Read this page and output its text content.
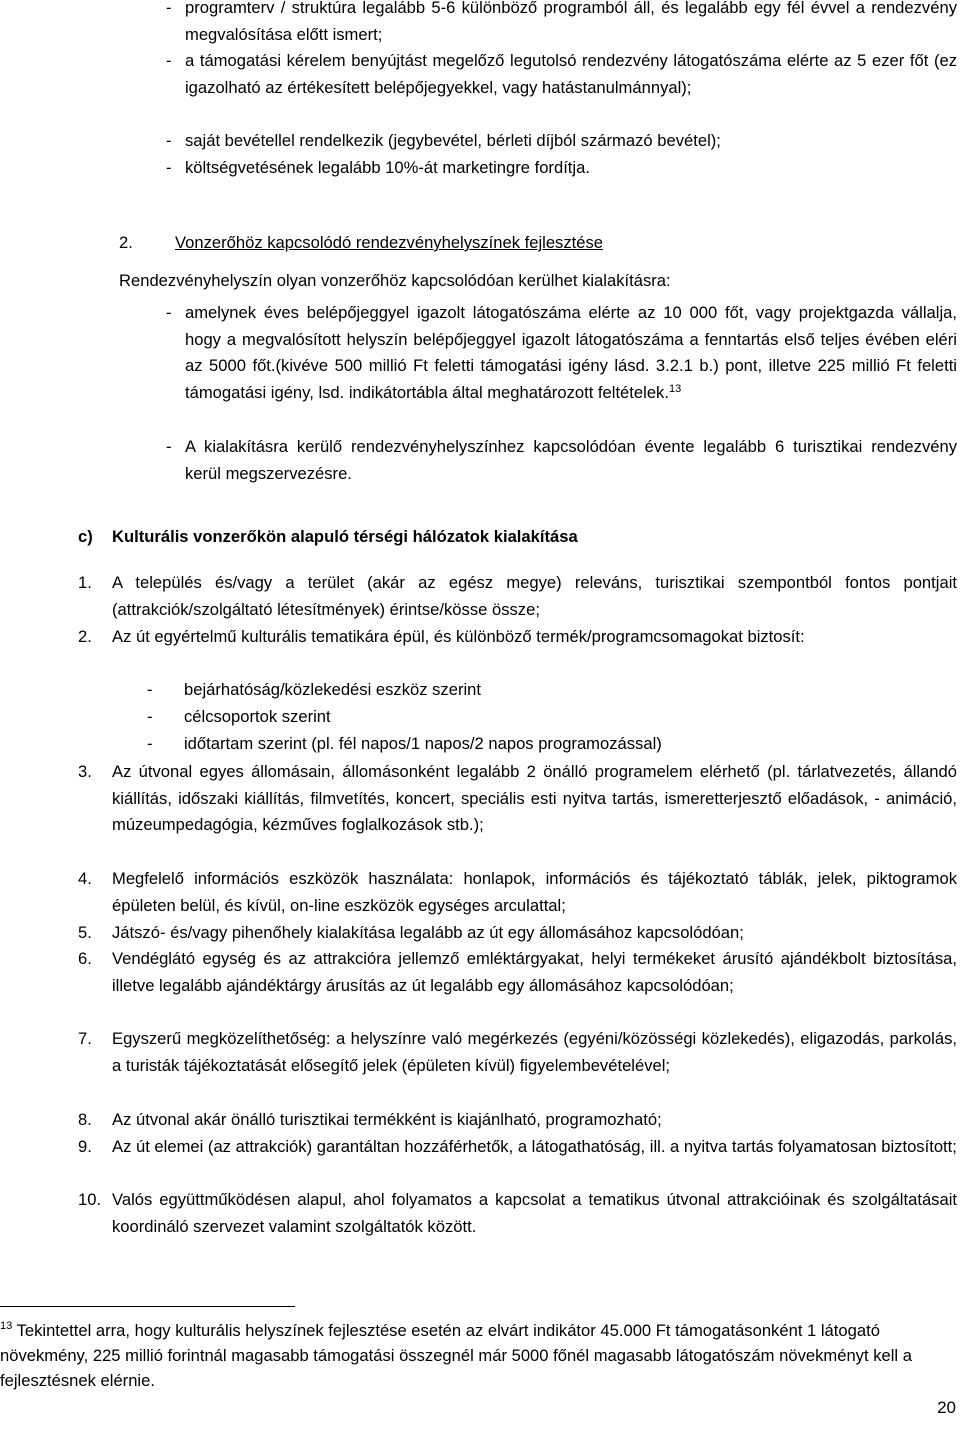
- programterv / struktúra legalább 5-6 különböző programból áll, és legalább egy fél évvel a rendezvény megvalósítása előtt ismert;
- a támogatási kérelem benyújtást megelőző legutolsó rendezvény látogatószáma elérte az 5 ezer főt (ez igazolható az értékesített belépőjegyekkel, vagy hatástanulmánnyal);
- saját bevétellel rendelkezik (jegybevétel, bérleti díjból származó bevétel);
- költségvetésének legalább 10%-át marketingre fordítja.
2.	Vonzerőhöz kapcsolódó rendezvényhelyszínek fejlesztése
Rendezvényhelyszín olyan vonzerőhöz kapcsolódóan kerülhet kialakításra:
- amelynek éves belépőjeggyel igazolt látogatószáma elérte az 10 000 főt, vagy projektgazda vállalja, hogy a megvalósított helyszín belépőjeggyel igazolt látogatószáma a fenntartás első teljes évében eléri az 5000 főt.(kivéve 500 millió Ft feletti támogatási igény lásd. 3.2.1 b.) pont, illetve 225 millió Ft feletti támogatási igény, lsd. indikátortábla által meghatározott feltételek.$^{13}$
- A kialakításra kerülő rendezvényhelyszínhez kapcsolódóan évente legalább 6 turisztikai rendezvény kerül megszervezésre.
c) Kulturális vonzerőkön alapuló térségi hálózatok kialakítása
1.	A település és/vagy a terület (akár az egész megye) releváns, turisztikai szempontból fontos pontjait (attrakciók/szolgáltató létesítmények) érintse/kösse össze;
2.	Az út egyértelmű kulturális tematikára épül, és különböző termék/programcsomagokat biztosít:
- bejárhatóság/közlekedési eszköz szerint
- célcsoportok szerint
- időtartam szerint (pl. fél napos/1 napos/2 napos programozással)
3.	Az útvonal egyes állomásain, állomásonként legalább 2 önálló programelem elérhető (pl. tárlatvezetés, állandó kiállítás, időszaki kiállítás, filmvetítés, koncert, speciális esti nyitva tartás, ismeretterjesztő előadások, - animáció, múzeumpedagógia, kézműves foglalkozások stb.);
4.	Megfelelő információs eszközök használata: honlapok, információs és tájékoztató táblák, jelek, piktogramok épületen belül, és kívül, on-line eszközök egységes arculattal;
5.	Játszó- és/vagy pihenőhely kialakítása legalább az út egy állomásához kapcsolódóan;
6.	Vendéglátó egység és az attrakcióra jellemző emléktárgyakat, helyi termékeket árusító ajándékbolt biztosítása, illetve legalább ajándéktárgy árusítás az út legalább egy állomásához kapcsolódóan;
7.	Egyszerű megközelíthetőség: a helyszínre való megérkezés (egyéni/közösségi közlekedés), eligazodás, parkolás, a turisták tájékoztatását elősegítő jelek (épületen kívül) figyelembevételével;
8.	Az útvonal akár önálló turisztikai termékként is kiajánlható, programozható;
9.	Az út elemei (az attrakciók) garantáltan hozzáférhetők, a látogathatóság, ill. a nyitva tartás folyamatosan biztosított;
10. Valós együttműködésen alapul, ahol folyamatos a kapcsolat a tematikus útvonal attrakcióinak és szolgáltatásait koordináló szervezet valamint szolgáltatók között.
$^{13}$ Tekintettel arra, hogy kulturális helyszínek fejlesztése esetén az elvárt indikátor 45.000 Ft támogatásonként 1 látogató növekmény, 225 millió forintnál magasabb támogatási összegnél már 5000 főnél magasabb látogatószám növekményt kell a fejlesztésnek elérnie.
20
